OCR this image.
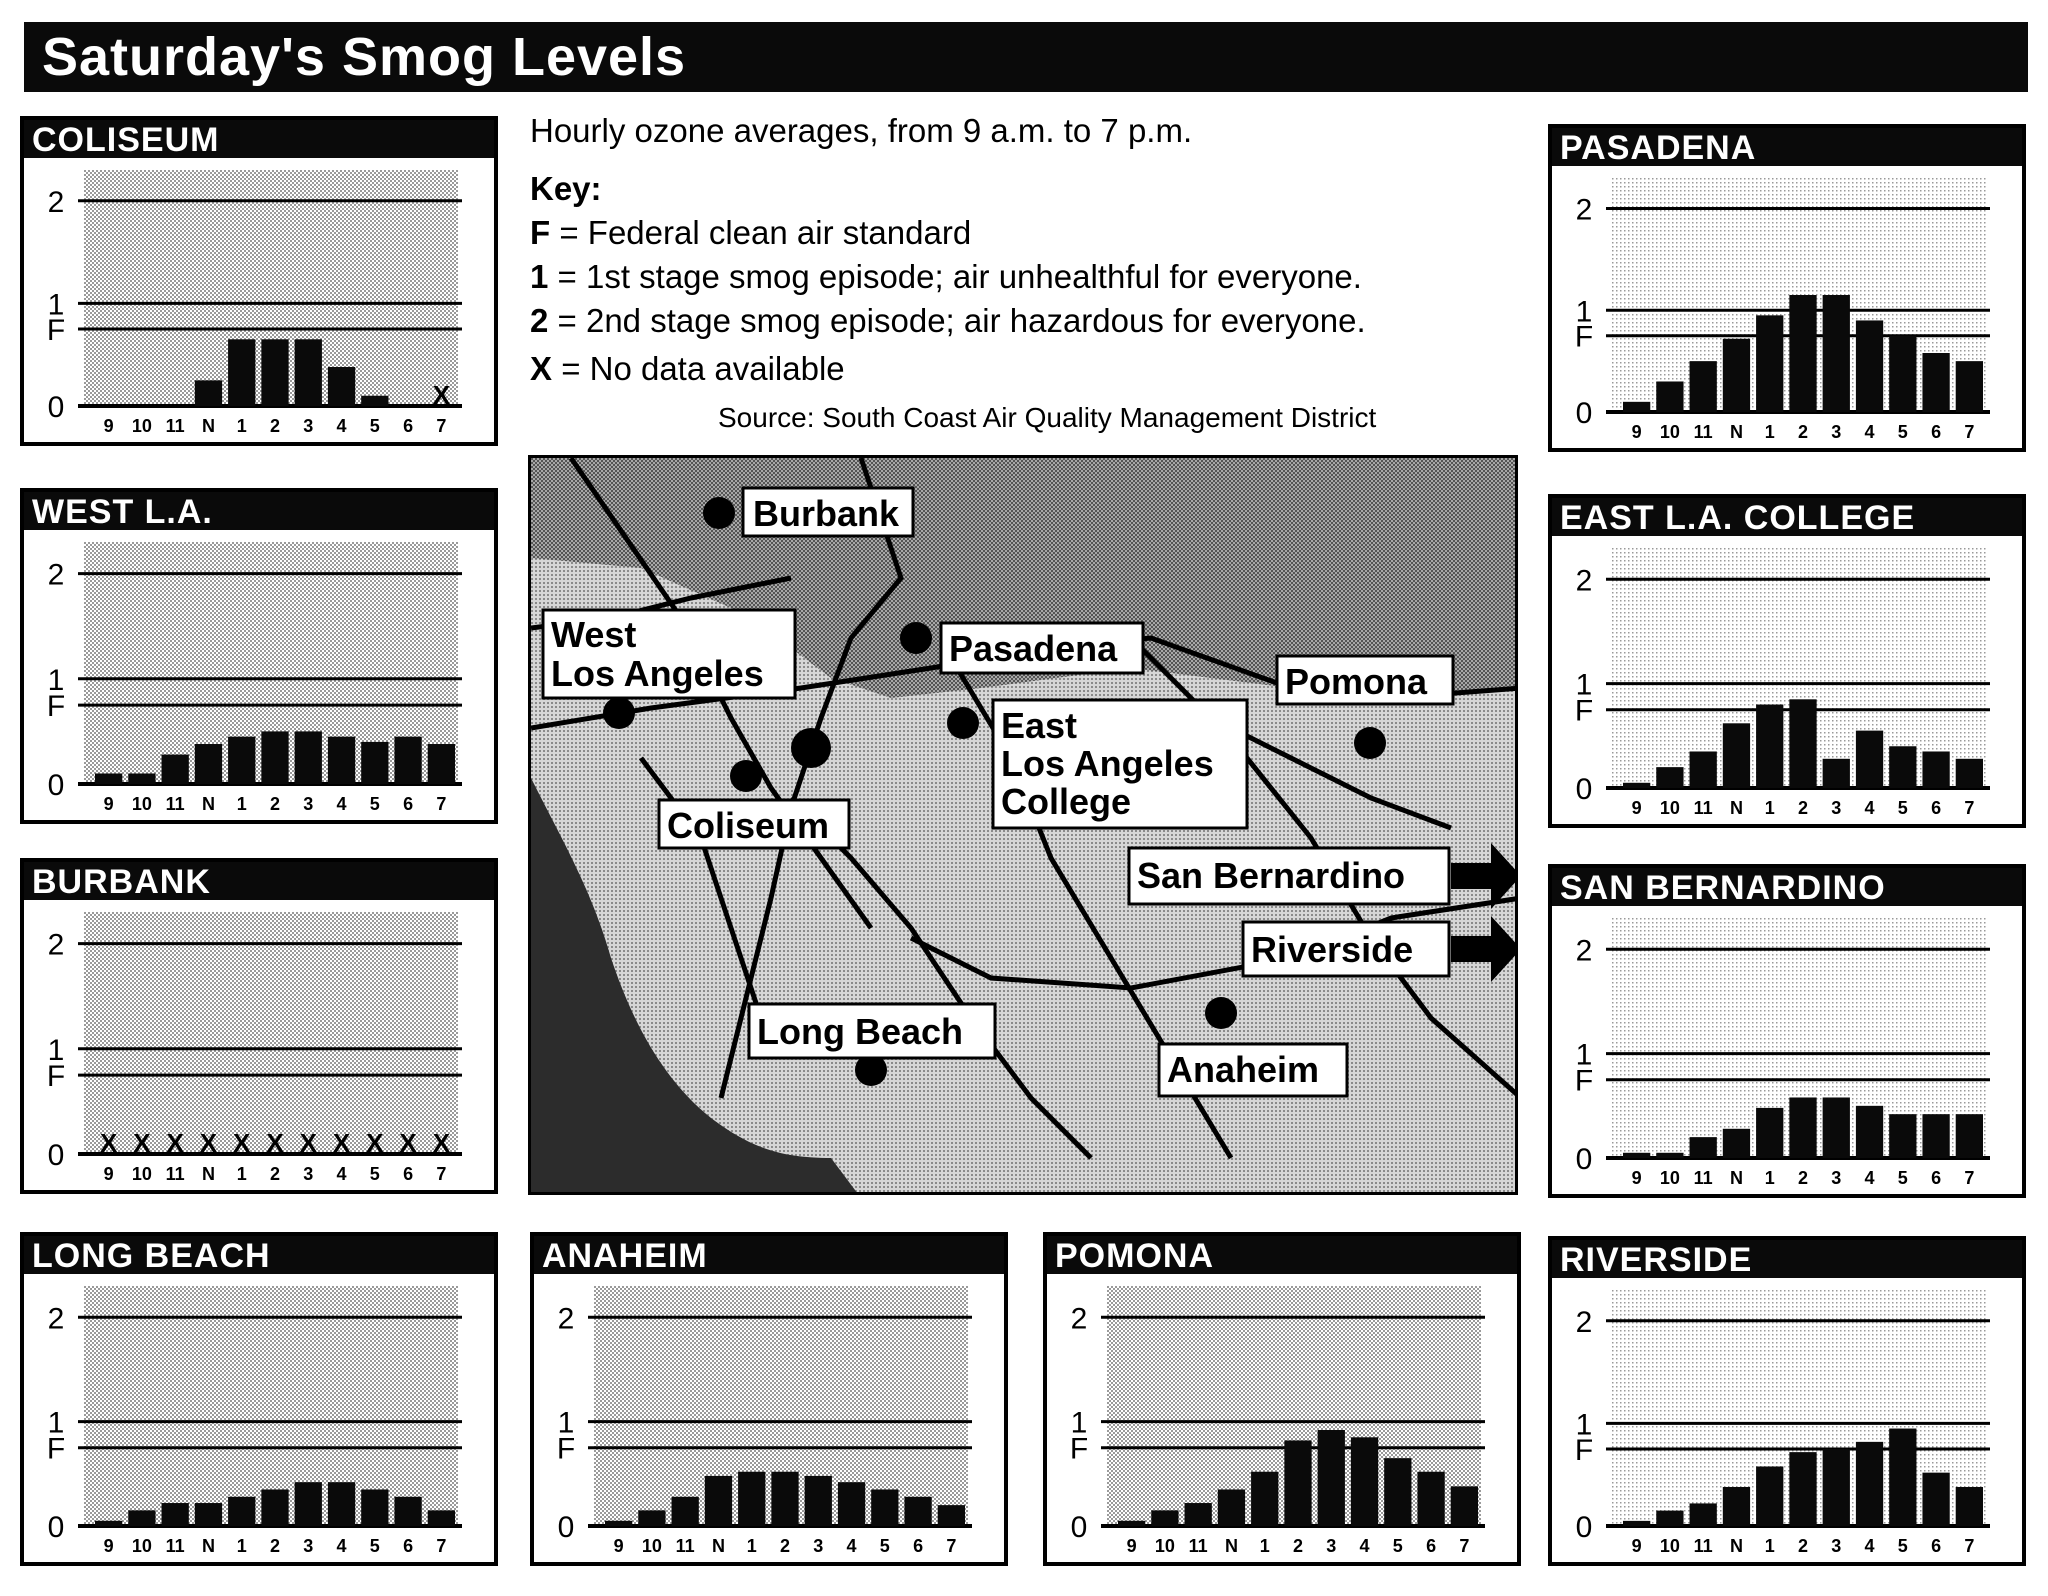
Saturday's Smog Levels
COLISEUM
0
F
1
2
9 10 11 N 1 2 3 4 5 6
X
7
WEST L.A.
0
F
1
2
9 10 11 N 1 2 3 4 5 6 7
BURBANK
0
F
1
2
X
9
X
10
X
11
X
N
X
1
X
2
X
3
X
4
X
5
X
6
X
7
LONG BEACH
0
F
1
2
9 10 11 N 1 2 3 4 5 6 7
ANAHEIM
0
F
1
2
9 10 11 N 1 2 3 4 5 6 7
POMONA
0
F
1
2
9 10 11 N 1 2 3 4 5 6 7
PASADENA
0
F
1
2
9 10 11 N 1 2 3 4 5 6 7
EAST L.A. COLLEGE
0
F
1
2
9 10 11 N 1 2 3 4 5 6 7
SAN BERNARDINO
0
F
1
2
9 10 11 N 1 2 3 4 5 6 7
RIVERSIDE
0
F
1
2
9 10 11 N 1 2 3 4 5 6 7
Hourly ozone averages, from 9 a.m. to 7 p.m.
Key:
F = Federal clean air standard
1 = 1st stage smog episode; air unhealthful for everyone.
2 = 2nd stage smog episode; air hazardous for everyone.
X = No data available
Source: South Coast Air Quality Management District
Burbank
West
Los Angeles
Pasadena
Pomona
East
Los Angeles
College
Coliseum
San Bernardino
Riverside
Long Beach
Anaheim
